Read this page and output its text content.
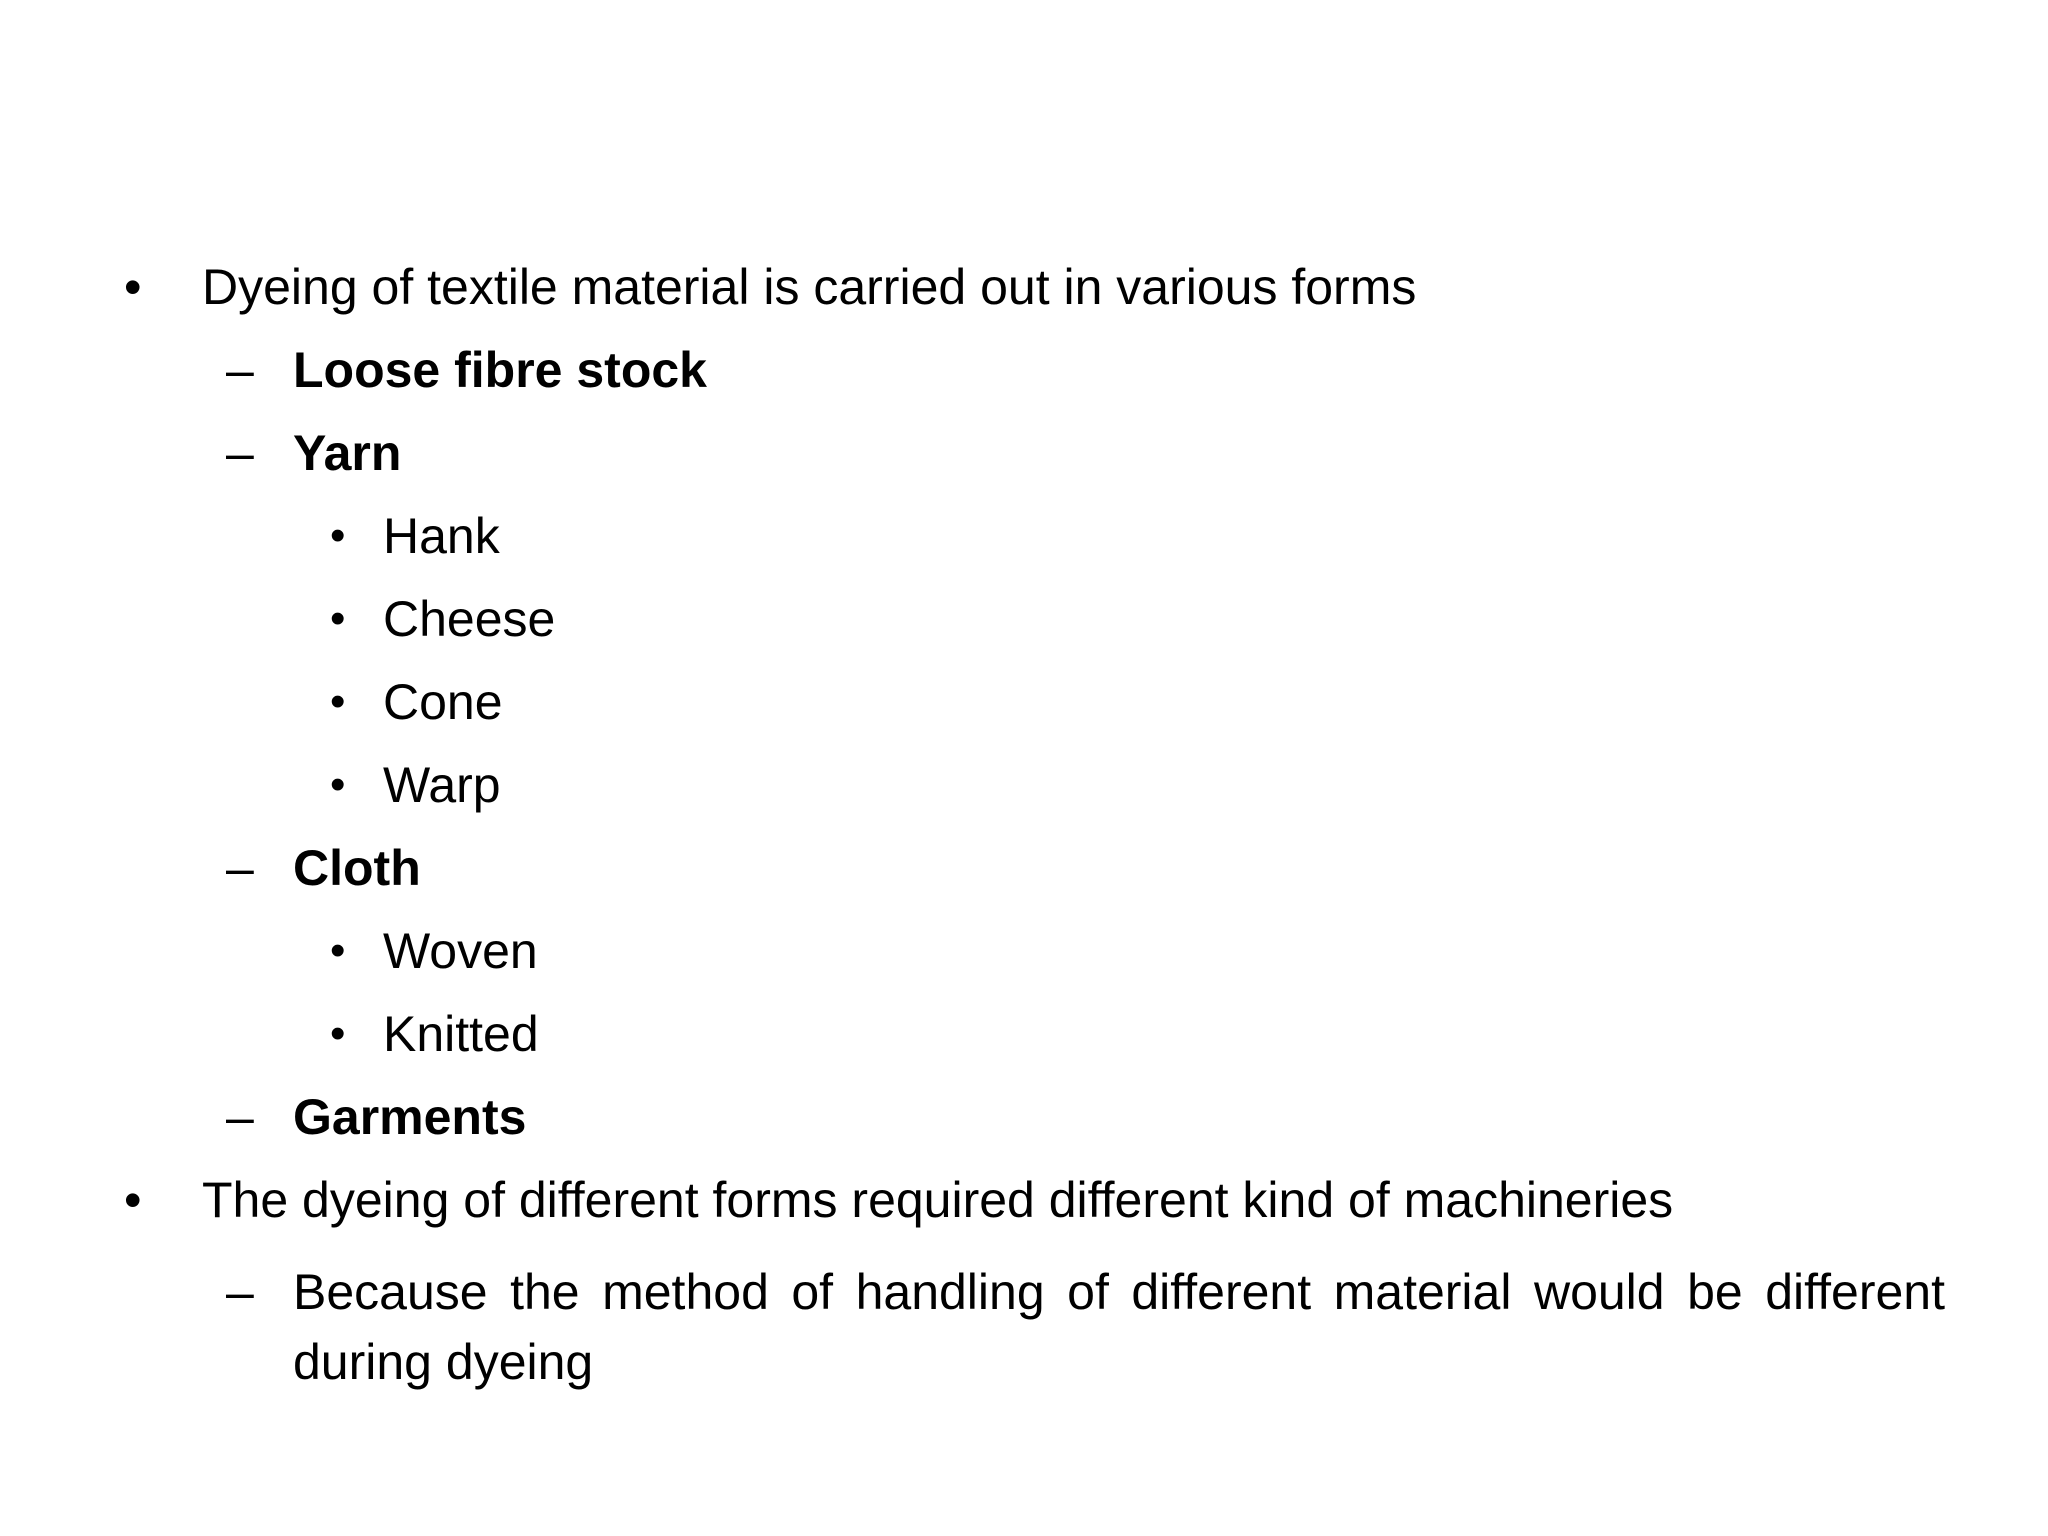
• Dyeing of textile material is carried out in various forms
– Loose fibre stock
– Yarn
• Hank
• Cheese
• Cone
• Warp
– Cloth
• Woven
• Knitted
– Garments
• The dyeing of different forms required different kind of machineries
– Because the method of handling of different material would be different during dyeing
